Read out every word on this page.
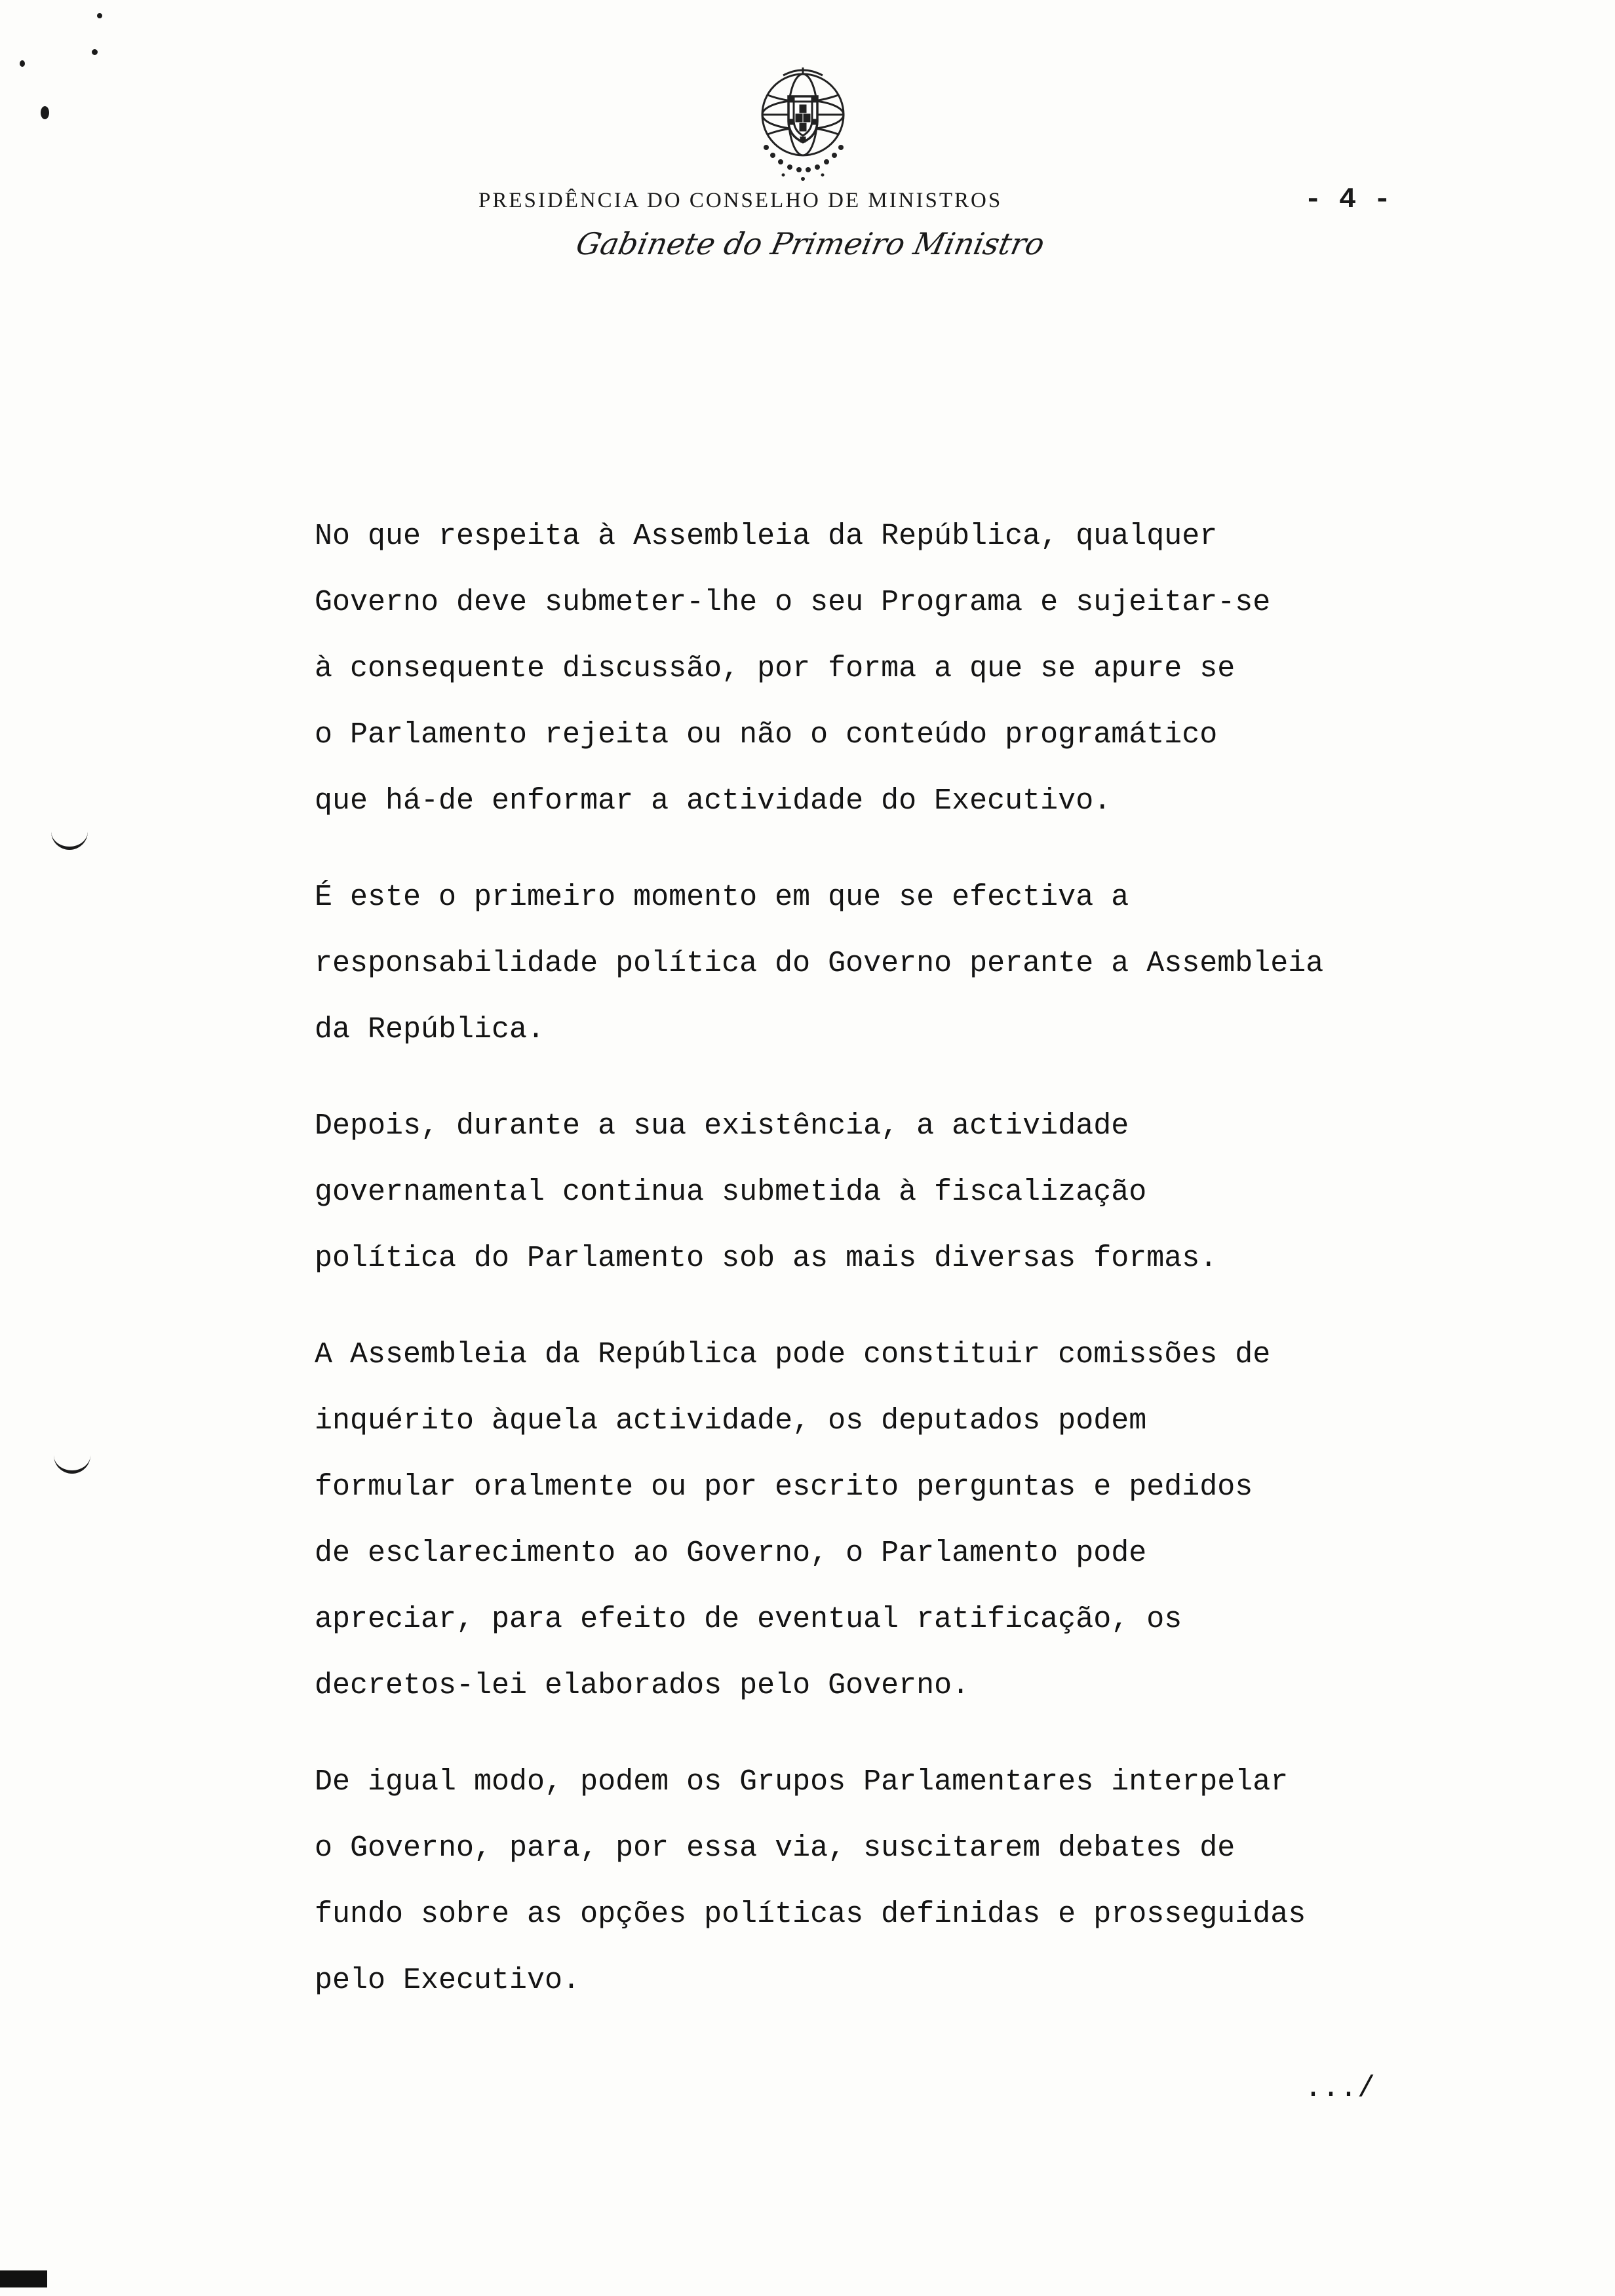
PRESIDÊNCIA DO CONSELHO DE MINISTROS	- 4 -
Gabinete do Primeiro Ministro
No que respeita à Assembleia da República, qualquer
Governo deve submeter-lhe o seu Programa e sujeitar-se
à consequente discussão, por forma a que se apure se
o Parlamento rejeita ou não o conteúdo programático
que há-de enformar a actividade do Executivo.
É este o primeiro momento em que se efectiva a
responsabilidade política do Governo perante a Assembleia
da República.
Depois, durante a sua existência, a actividade
governamental continua submetida à fiscalização
política do Parlamento sob as mais diversas formas.
A Assembleia da República pode constituir comissões de
inquérito àquela actividade, os deputados podem
formular oralmente ou por escrito perguntas e pedidos
de esclarecimento ao Governo, o Parlamento pode
apreciar, para efeito de eventual ratificação, os
decretos-lei elaborados pelo Governo.
De igual modo, podem os Grupos Parlamentares interpelar
o Governo, para, por essa via, suscitarem debates de
fundo sobre as opções políticas definidas e prosseguidas
pelo Executivo.
.../
